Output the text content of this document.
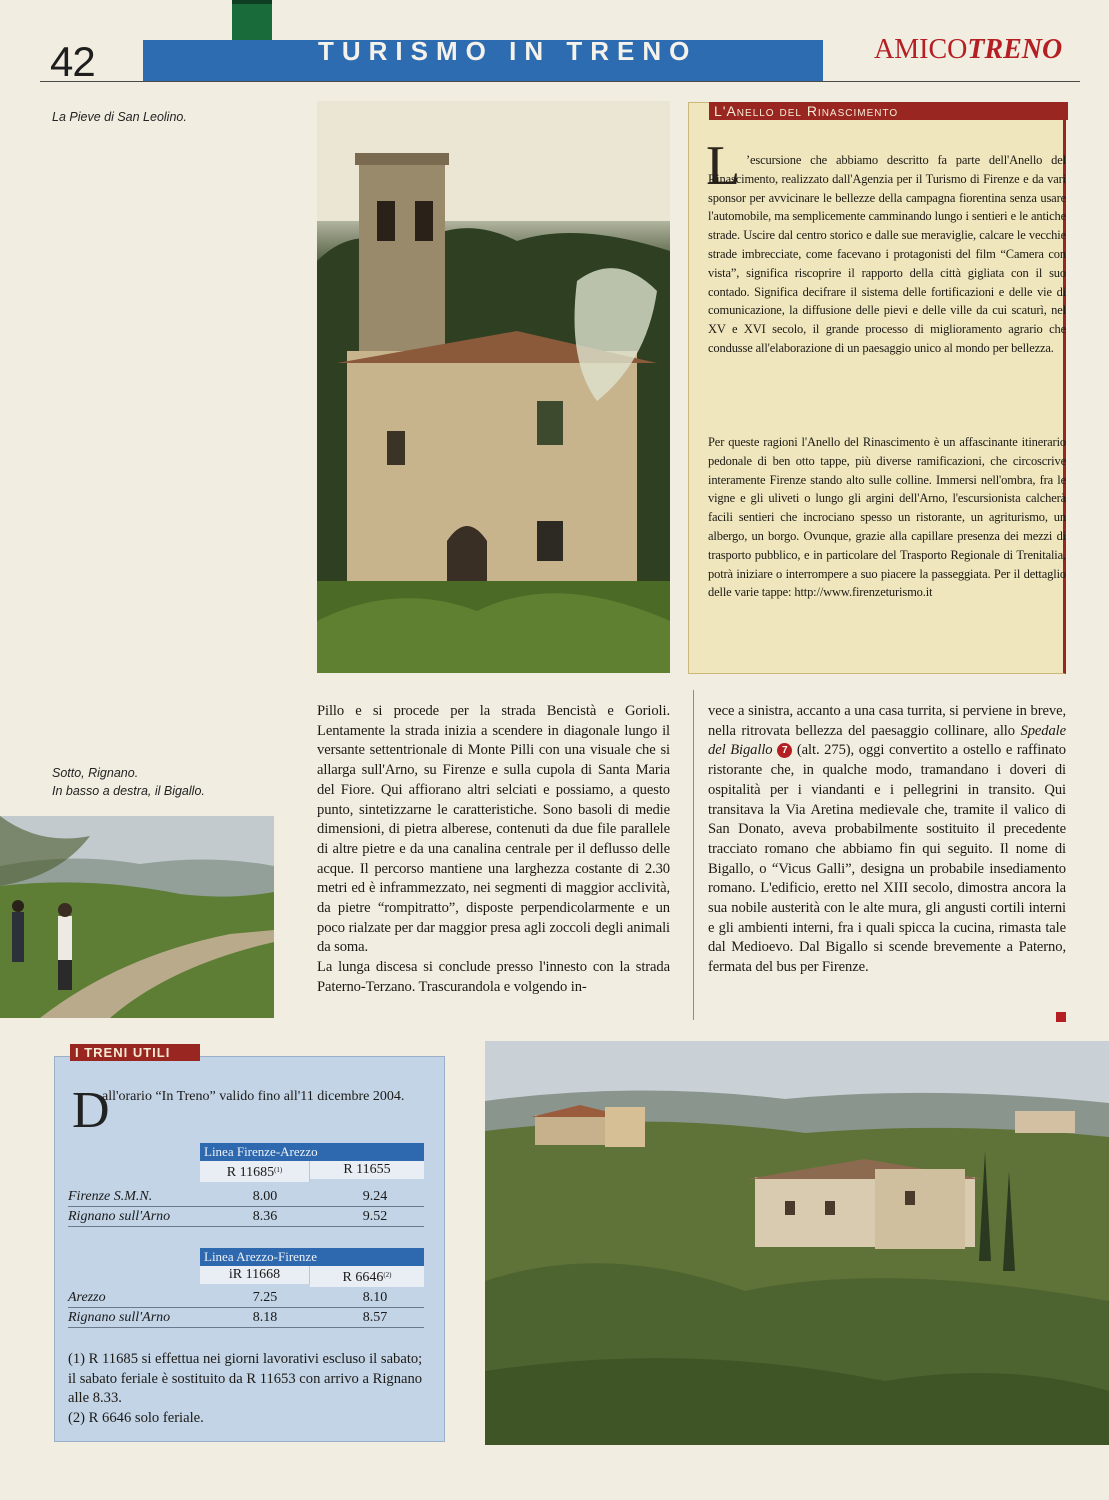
42	TURISMO IN TRENO	AMICOTRENO
La Pieve di San Leolino.
Sotto, Rignano.
In basso a destra, il Bigallo.
L'Anello del Rinascimento
L ’escursione che abbiamo descritto fa parte dell'Anello del Rinascimento, realizzato dall'Agenzia per il Turismo di Firenze e da vari sponsor per avvicinare le bellezze della campagna fiorentina senza usare l'automobile, ma semplicemente camminando lungo i sentieri e le antiche strade. Uscire dal centro storico e dalle sue meraviglie, calcare le vecchie strade imbrecciate, come facevano i protagonisti del film “Camera con vista”, significa riscoprire il rapporto della città gigliata con il suo contado. Significa decifrare il sistema delle fortificazioni e delle vie di comunicazione, la diffusione delle pievi e delle ville da cui scaturì, nel XV e XVI secolo, il grande processo di miglioramento agrario che condusse all'elaborazione di un paesaggio unico al mondo per bellezza.
Per queste ragioni l'Anello del Rinascimento è un affascinante itinerario pedonale di ben otto tappe, più diverse ramificazioni, che circoscrive interamente Firenze stando alto sulle colline. Immersi nell'ombra, fra le vigne e gli uliveti o lungo gli argini dell'Arno, l'escursionista calcherà facili sentieri che incrociano spesso un ristorante, un agriturismo, un albergo, un borgo. Ovunque, grazie alla capillare presenza dei mezzi di trasporto pubblico, e in particolare del Trasporto Regionale di Trenitalia, potrà iniziare o interrompere a suo piacere la passeggiata. Per il dettaglio delle varie tappe: http://www.firenzeturismo.it
Pillo e si procede per la strada Bencistà e Gorioli. Lentamente la strada inizia a scendere in diagonale lungo il versante settentrionale di Monte Pilli con una visuale che si allarga sull'Arno, su Firenze e sulla cupola di Santa Maria del Fiore. Qui affiorano altri selciati e possiamo, a questo punto, sintetizzarne le caratteristiche. Sono basoli di medie dimensioni, di pietra alberese, contenuti da due file parallele di altre pietre e da una canalina centrale per il deflusso delle acque. Il percorso mantiene una larghezza costante di 2.30 metri ed è inframmezzato, nei segmenti di maggior acclività, da pietre “rompitratto”, disposte perpendicolarmente e un poco rialzate per dar maggior presa agli zoccoli degli animali da soma.
La lunga discesa si conclude presso l'innesto con la strada Paterno-Terzano. Trascurandola e volgendo in-
vece a sinistra, accanto a una casa turrita, si perviene in breve, nella ritrovata bellezza del paesaggio collinare, allo Spedale del Bigallo 7 (alt. 275), oggi convertito a ostello e raffinato ristorante che, in qualche modo, tramandano i doveri di ospitalità per i viandanti e i pellegrini in transito. Qui transitava la Via Aretina medievale che, tramite il valico di San Donato, aveva probabilmente sostituito il precedente tracciato romano che abbiamo fin qui seguito. Il nome di Bigallo, o “Vicus Galli”, designa un probabile insediamento romano. L'edificio, eretto nel XIII secolo, dimostra ancora la sua nobile austerità con le alte mura, gli angusti cortili interni e gli ambienti interni, fra i quali spicca la cucina, rimasta tale dal Medioevo. Dal Bigallo si scende brevemente a Paterno, fermata del bus per Firenze.
I TRENI UTILI
D
all'orario “In Treno” valido fino all'11 dicembre 2004.
Linea Firenze-Arezzo
R 11685$^{(1)}$	R 11655
Firenze S.M.N.	8.00	9.24
Rignano sull'Arno	8.36	9.52
Linea Arezzo-Firenze
iR 11668	R 6646$^{(2)}$
Arezzo	7.25	8.10
Rignano sull'Arno	8.18	8.57
(1) R 11685 si effettua nei giorni lavorativi escluso il sabato; il sabato feriale è sostituito da R 11653 con arrivo a Rignano alle 8.33.
(2) R 6646 solo feriale.
